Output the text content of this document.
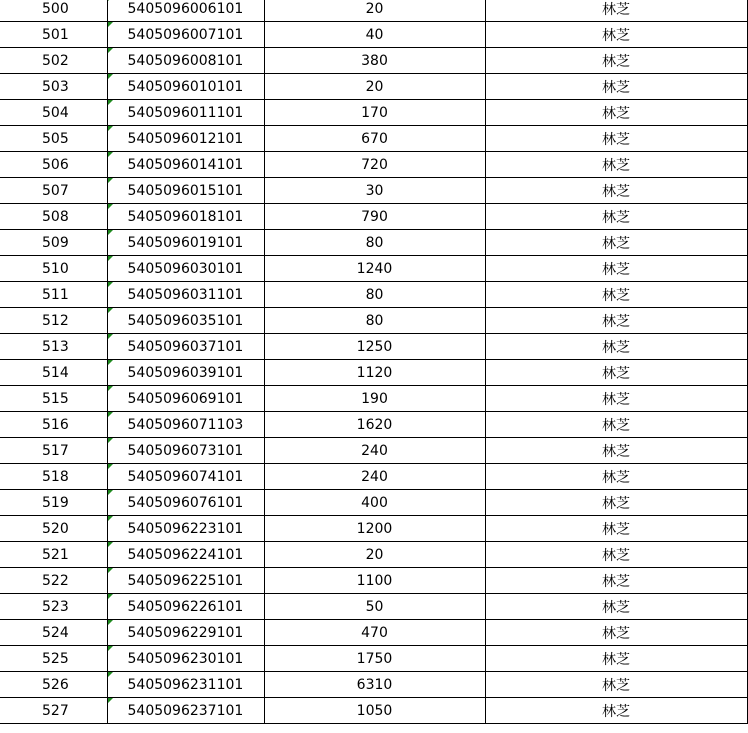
500	5405096006101	20	林芝
501	5405096007101	40	林芝
502	5405096008101	380	林芝
503	5405096010101	20	林芝
504	5405096011101	170	林芝
505	5405096012101	670	林芝
506	5405096014101	720	林芝
507	5405096015101	30	林芝
508	5405096018101	790	林芝
509	5405096019101	80	林芝
510	5405096030101	1240	林芝
511	5405096031101	80	林芝
512	5405096035101	80	林芝
513	5405096037101	1250	林芝
514	5405096039101	1120	林芝
515	5405096069101	190	林芝
516	5405096071103	1620	林芝
517	5405096073101	240	林芝
518	5405096074101	240	林芝
519	5405096076101	400	林芝
520	5405096223101	1200	林芝
521	5405096224101	20	林芝
522	5405096225101	1100	林芝
523	5405096226101	50	林芝
524	5405096229101	470	林芝
525	5405096230101	1750	林芝
526	5405096231101	6310	林芝
527	5405096237101	1050	林芝
